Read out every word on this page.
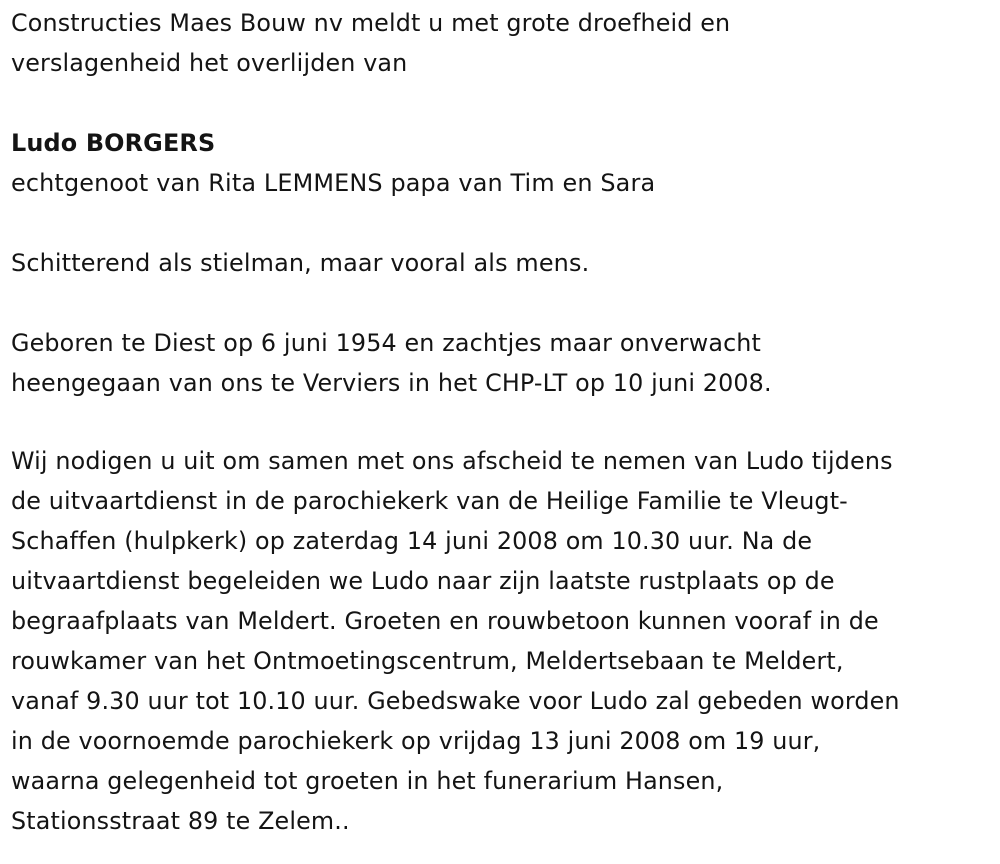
Constructies Maes Bouw nv meldt u met grote droefheid en
verslagenheid het overlijden van

Ludo BORGERS

echtgenoot van Rita LEMMENS papa van Tim en Sara

Schitterend als stielman, maar vooral als mens.

Geboren te Diest op 6 juni 1954 en zachtjes maar onverwacht
heengegaan van ons te Verviers in het CHP-LT op 10 juni 2008.

Wij nodigen u uit om samen met ons afscheid te nemen van Ludo tijdens
de uitvaartdienst in de parochiekerk van de Heilige Familie te Vleugt-
Schaffen (hulpkerk) op zaterdag 14 juni 2008 om 10.30 uur. Na de
uitvaartdienst begeleiden we Ludo naar zijn laatste rustplaats op de
begraafplaats van Meldert. Groeten en rouwbetoon kunnen vooraf in de
rouwkamer van het Ontmoetingscentrum, Meldertsebaan te Meldert,
vanaf 9.30 uur tot 10.10 uur. Gebedswake voor Ludo zal gebeden worden
in de voornoemde parochiekerk op vrijdag 13 juni 2008 om 19 uur,
waarna gelegenheid tot groeten in het funerarium Hansen,
Stationsstraat 89 te Zelem..
